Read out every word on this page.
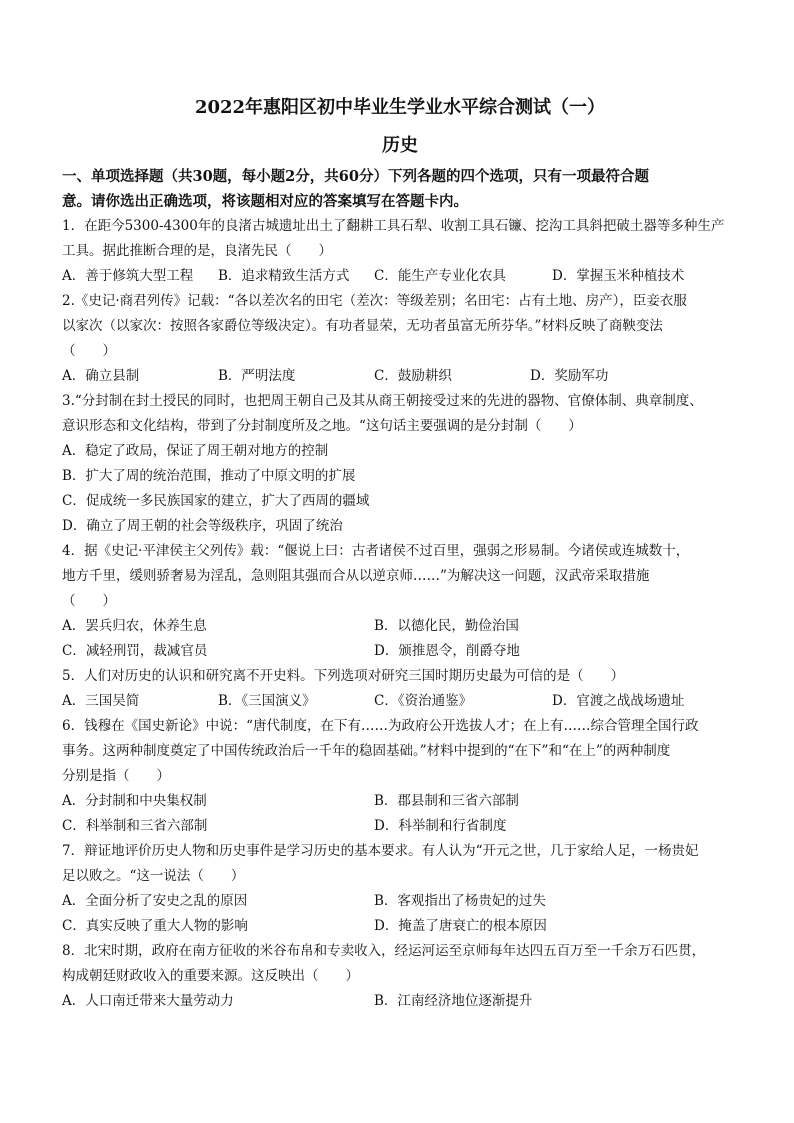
2022年惠阳区初中毕业生学业水平综合测试（一）
历史

一、单项选择题（共30题，每小题2分，共60分）下列各题的四个选项，只有一项最符合题

意。请你选出正确选项，将该题相对应的答案填写在答题卡内。

1．在距今5300-4300年的良渚古城遗址出土了翻耕工具石犁、收割工具石镰、挖沟工具斜把破土器等多种生产

工具。据此推断合理的是，良渚先民（　　）

A．善于修筑大型工程	B．追求精致生活方式	C．能生产专业化农具	D．掌握玉米种植技术

2.《史记·商君列传》记载：“各以差次名的田宅（差次：等级差别；名田宅：占有土地、房产），臣妾衣服

以家次（以家次：按照各家爵位等级决定）。有功者显荣，无功者虽富无所芬华。”材料反映了商鞅变法

（　　）

A．确立县制	B．严明法度	C．鼓励耕织	D．奖励军功

3.“分封制在封土授民的同时，也把周王朝自己及其从商王朝接受过来的先进的器物、官僚体制、典章制度、

意识形态和文化结构，带到了分封制度所及之地。“这句话主要强调的是分封制（　　）

A．稳定了政局，保证了周王朝对地方的控制

B．扩大了周的统治范围，推动了中原文明的扩展

C．促成统一多民族国家的建立，扩大了西周的疆域

D．确立了周王朝的社会等级秩序，巩固了统治

4．据《史记·平津侯主父列传》载：“偃说上曰：古者诸侯不过百里，强弱之形易制。今诸侯或连城数十，

地方千里，缓则骄奢易为淫乱，急则阻其强而合从以逆京师……”为解决这一问题，汉武帝采取措施

（　　）

A．罢兵归农，休养生息	B．以德化民，勤俭治国
C．减轻刑罚，裁减官员	D．颁推恩令，削爵夺地

5．人们对历史的认识和研究离不开史料。下列选项对研究三国时期历史最为可信的是（　　）

A．三国吴简	B．《三国演义》	C．《资治通鉴》	D．官渡之战战场遗址

6．钱穆在《国史新论》中说：“唐代制度，在下有……为政府公开选拔人才；在上有……综合管理全国行政

事务。这两种制度奠定了中国传统政治后一千年的稳固基础。”材料中提到的“在下”和“在上”的两种制度

分别是指（　　）

A．分封制和中央集权制	B．郡县制和三省六部制
C．科举制和三省六部制	D．科举制和行省制度

7．辩证地评价历史人物和历史事件是学习历史的基本要求。有人认为“开元之世，几于家给人足，一杨贵妃

足以败之。“这一说法（　　）

A．全面分析了安史之乱的原因	B．客观指出了杨贵妃的过失
C．真实反映了重大人物的影响	D．掩盖了唐衰亡的根本原因

8．北宋时期，政府在南方征收的米谷布帛和专卖收入，经运河运至京师每年达四五百万至一千余万石匹贯，

构成朝廷财政收入的重要来源。这反映出（　　）

A．人口南迁带来大量劳动力	B．江南经济地位逐渐提升
